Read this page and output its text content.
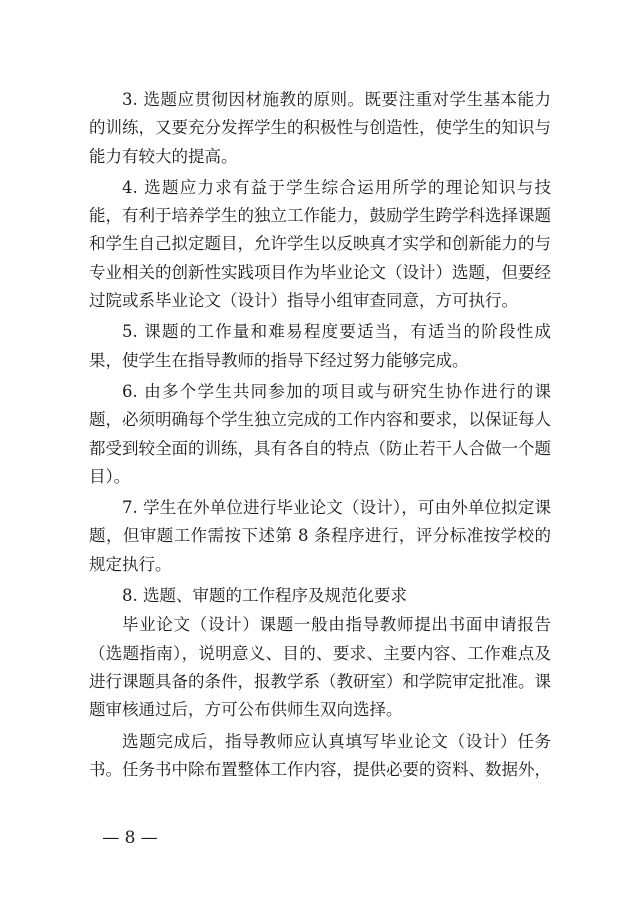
3. 选题应贯彻因材施教的原则。既要注重对学生基本能力的训练，又要充分发挥学生的积极性与创造性，使学生的知识与能力有较大的提高。

4. 选题应力求有益于学生综合运用所学的理论知识与技能，有利于培养学生的独立工作能力，鼓励学生跨学科选择课题和学生自己拟定题目，允许学生以反映真才实学和创新能力的与专业相关的创新性实践项目作为毕业论文（设计）选题，但要经过院或系毕业论文（设计）指导小组审查同意，方可执行。

5. 课题的工作量和难易程度要适当，有适当的阶段性成果，使学生在指导教师的指导下经过努力能够完成。

6. 由多个学生共同参加的项目或与研究生协作进行的课题，必须明确每个学生独立完成的工作内容和要求，以保证每人都受到较全面的训练，具有各自的特点（防止若干人合做一个题目）。

7. 学生在外单位进行毕业论文（设计），可由外单位拟定课题，但审题工作需按下述第 8 条程序进行，评分标准按学校的规定执行。

8. 选题、审题的工作程序及规范化要求

毕业论文（设计）课题一般由指导教师提出书面申请报告（选题指南），说明意义、目的、要求、主要内容、工作难点及进行课题具备的条件，报教学系（教研室）和学院审定批准。课题审核通过后，方可公布供师生双向选择。

选题完成后，指导教师应认真填写毕业论文（设计）任务书。任务书中除布置整体工作内容，提供必要的资料、数据外，

— 8 —
